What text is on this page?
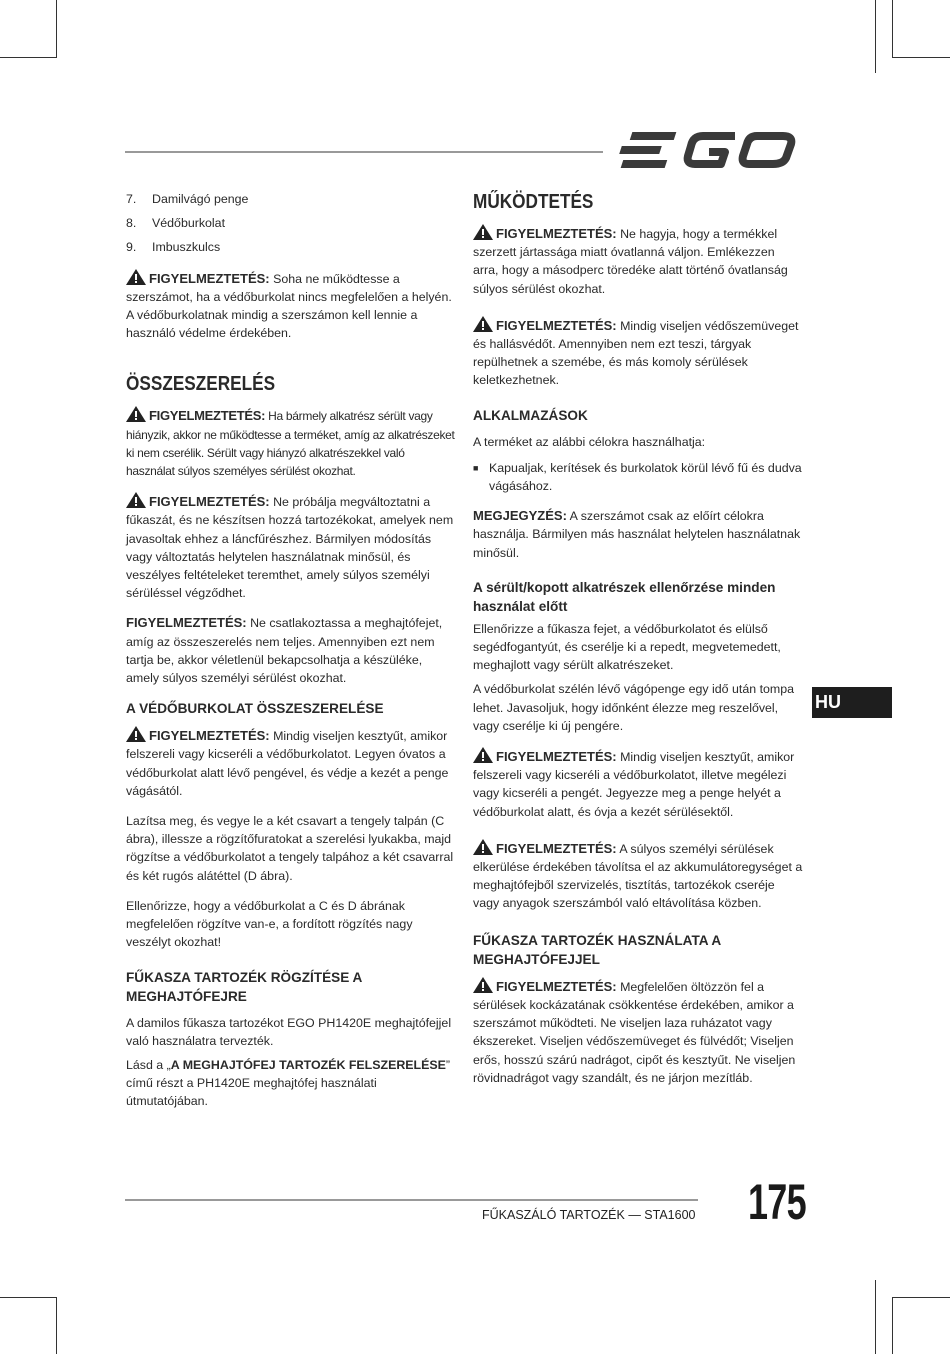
7.	Damilvágó penge
8.	Védőburkolat
9.	Imbuszkulcs

FIGYELMEZTETÉS: Soha ne működtesse a szerszámot, ha a védőburkolat nincs megfelelően a helyén. A védőburkolatnak mindig a szerszámon kell lennie a használó védelme érdekében.

ÖSSZESZERELÉS

FIGYELMEZTETÉS: Ha bármely alkatrész sérült vagy hiányzik, akkor ne működtesse a terméket, amíg az alkatrészeket ki nem cserélik. Sérült vagy hiányzó alkatrészekkel való használat súlyos személyes sérülést okozhat.

FIGYELMEZTETÉS: Ne próbálja megváltoztatni a fűkaszát, és ne készítsen hozzá tartozékokat, amelyek nem javasoltak ehhez a láncfűrészhez. Bármilyen módosítás vagy változtatás helytelen használatnak minősül, és veszélyes feltételeket teremthet, amely súlyos személyi sérüléssel végződhet.

FIGYELMEZTETÉS: Ne csatlakoztassa a meghajtófejet, amíg az összeszerelés nem teljes. Amennyiben ezt nem tartja be, akkor véletlenül bekapcsolhatja a készüléke, amely súlyos személyi sérülést okozhat.

A VÉDŐBURKOLAT ÖSSZESZERELÉSE

FIGYELMEZTETÉS: Mindig viseljen kesztyűt, amikor felszereli vagy kicseréli a védőburkolatot. Legyen óvatos a védőburkolat alatt lévő pengével, és védje a kezét a penge vágásától.

Lazítsa meg, és vegye le a két csavart a tengely talpán (C ábra), illessze a rögzítőfuratokat a szerelési lyukakba, majd rögzítse a védőburkolatot a tengely talpához a két csavarral és két rugós alátéttel (D ábra).

Ellenőrizze, hogy a védőburkolat a C és D ábrának megfelelően rögzítve van-e, a fordított rögzítés nagy veszélyt okozhat!

FŰKASZA TARTOZÉK RÖGZÍTÉSE A MEGHAJTÓFEJRE

A damilos fűkasza tartozékot EGO PH1420E meghajtófejjel való használatra tervezték.

Lásd a „A MEGHAJTÓFEJ TARTOZÉK FELSZERELÉSE” című részt a PH1420E meghajtófej használati útmutatójában.

MŰKÖDTETÉS

FIGYELMEZTETÉS: Ne hagyja, hogy a termékkel szerzett jártassága miatt óvatlanná váljon. Emlékezzen arra, hogy a másodperc töredéke alatt történő óvatlanság súlyos sérülést okozhat.

FIGYELMEZTETÉS: Mindig viseljen védőszemüveget és hallásvédőt. Amennyiben nem ezt teszi, tárgyak repülhetnek a szemébe, és más komoly sérülések keletkezhetnek.

ALKALMAZÁSOK

A terméket az alábbi célokra használhatja:

■ Kapualjak, kerítések és burkolatok körül lévő fű és dudva vágásához.

MEGJEGYZÉS: A szerszámot csak az előírt célokra használja. Bármilyen más használat helytelen használatnak minősül.

A sérült/kopott alkatrészek ellenőrzése minden használat előtt

Ellenőrizze a fűkasza fejet, a védőburkolatot és elülső segédfogantyút, és cserélje ki a repedt, megvetemedett, meghajlott vagy sérült alkatrészeket.

A védőburkolat szélén lévő vágópenge egy idő után tompa lehet. Javasoljuk, hogy időnként élezze meg reszelővel, vagy cserélje ki új pengére.

FIGYELMEZTETÉS: Mindig viseljen kesztyűt, amikor felszereli vagy kicseréli a védőburkolatot, illetve megélezi vagy kicseréli a pengét. Jegyezze meg a penge helyét a védőburkolat alatt, és óvja a kezét sérülésektől.

FIGYELMEZTETÉS: A súlyos személyi sérülések elkerülése érdekében távolítsa el az akkumulátoregységet a meghajtófejből szervizelés, tisztítás, tartozékok cseréje vagy anyagok szerszámból való eltávolítása közben.

FŰKASZA TARTOZÉK HASZNÁLATA A MEGHAJTÓFEJJEL

FIGYELMEZTETÉS: Megfelelően öltözzön fel a sérülések kockázatának csökkentése érdekében, amikor a szerszámot működteti. Ne viseljen laza ruházatot vagy ékszereket. Viseljen védőszemüveget és fülvédőt; Viseljen erős, hosszú szárú nadrágot, cipőt és kesztyűt. Ne viseljen rövidnadrágot vagy szandált, és ne járjon mezítláb.

HU
FŰKASZÁLÓ TARTOZÉK — STA1600 175
